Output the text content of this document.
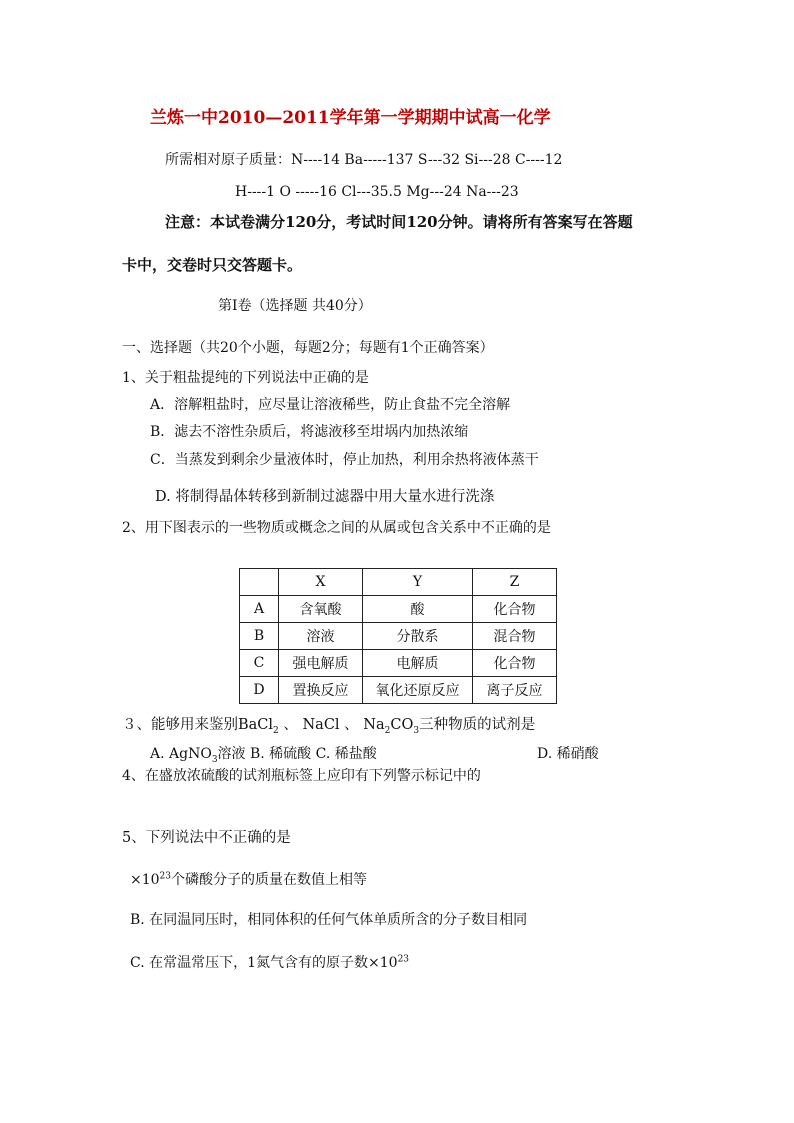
兰炼一中2010—2011学年第一学期期中试高一化学
所需相对原子质量：N----14 Ba-----137 S---32 Si---28 C----12
H----1 O -----16 Cl---35.5 Mg---24 Na---23
注意：本试卷满分120分，考试时间120分钟。请将所有答案写在答题
卡中，交卷时只交答题卡。
第Ⅰ卷（选择题 共40分）
一、选择题（共20个小题，每题2分；每题有1个正确答案）
1、关于粗盐提纯的下列说法中正确的是
A．溶解粗盐时，应尽量让溶液稀些，防止食盐不完全溶解
B．滤去不溶性杂质后，将滤液移至坩埚内加热浓缩
C．当蒸发到剩余少量液体时，停止加热，利用余热将液体蒸干
D. 将制得晶体转移到新制过滤器中用大量水进行洗涤
2、用下图表示的一些物质或概念之间的从属或包含关系中不正确的是
	X	Y	Z
A	含氧酸	酸	化合物
B	溶液	分散系	混合物
C	强电解质	电解质	化合物
D	置换反应	氧化还原反应	离子反应
３、能够用来鉴别BaCl$_2$ 、 NaCl 、 $Na_2CO_3$三种物质的试剂是
A. AgNO$_3$溶液 B. 稀硫酸 C. 稀盐酸	D. 稀硝酸
4、在盛放浓硫酸的试剂瓶标签上应印有下列警示标记中的
5、下列说法中不正确的是
$\times 10^{23}$个磷酸分子的质量在数值上相等
B. 在同温同压时，相同体积的任何气体单质所含的分子数目相同
C. 在常温常压下，1氮气含有的原子数$\times 10^{23}$
